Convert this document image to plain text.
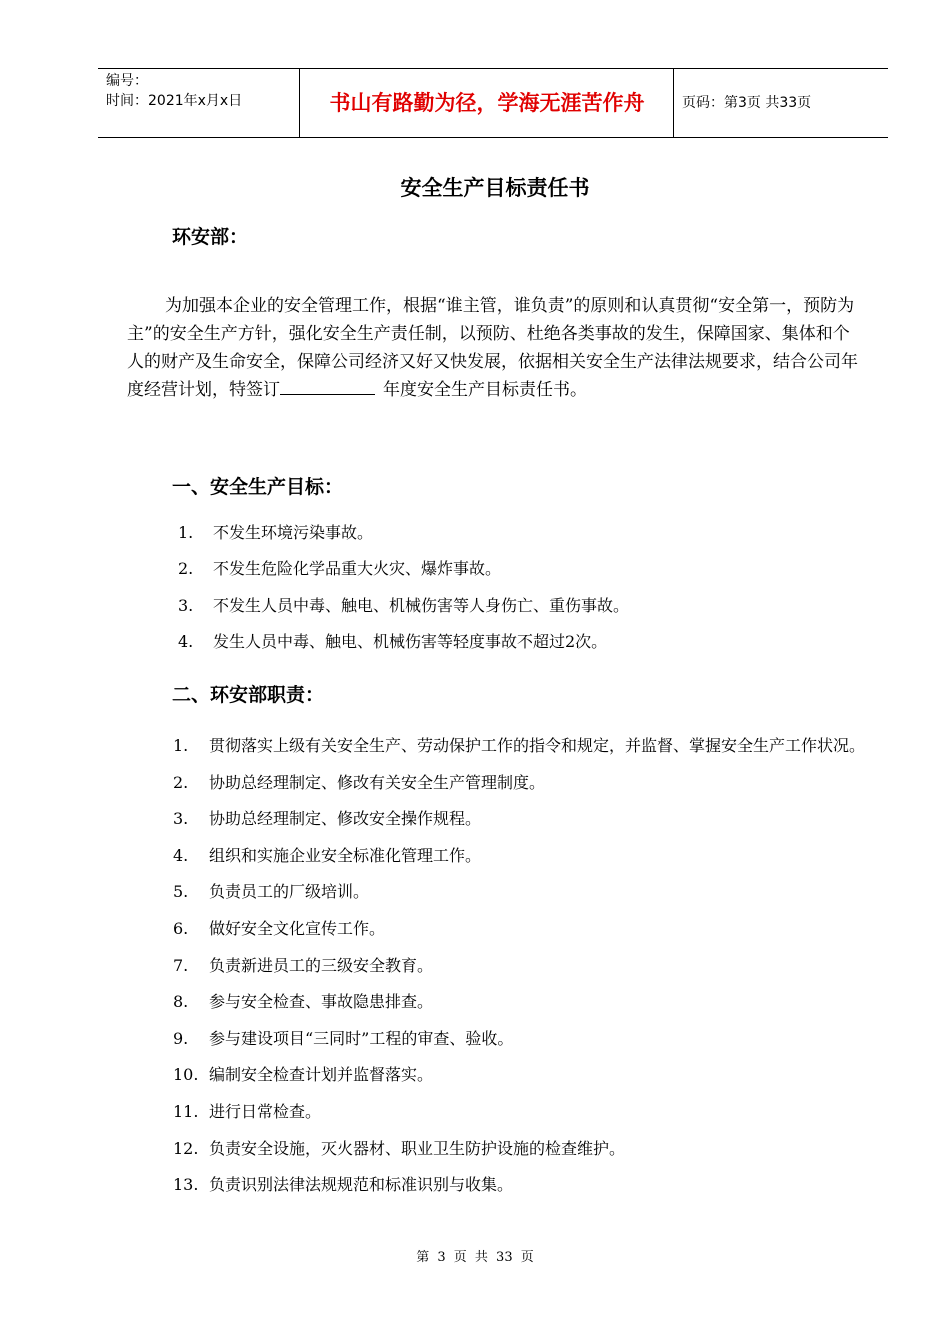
编号：
时间：2021年x月x日	书山有路勤为径，学海无涯苦作舟	页码：第3页 共33页
安全生产目标责任书
环安部：

为加强本企业的安全管理工作，根据“谁主管，谁负责”的原则和认真贯彻“安全第一，预防为主”的安全生产方针，强化安全生产责任制，以预防、杜绝各类事故的发生，保障国家、集体和个人的财产及生命安全，保障公司经济又好又快发展，依据相关安全生产法律法规要求，结合公司年度经营计划，特签订	年度安全生产目标责任书。

一、安全生产目标：
1. 不发生环境污染事故。
2. 不发生危险化学品重大火灾、爆炸事故。
3. 不发生人员中毒、触电、机械伤害等人身伤亡、重伤事故。
4. 发生人员中毒、触电、机械伤害等轻度事故不超过2次。
二、环安部职责：
1. 贯彻落实上级有关安全生产、劳动保护工作的指令和规定，并监督、掌握安全生产工作状况。
2. 协助总经理制定、修改有关安全生产管理制度。
3. 协助总经理制定、修改安全操作规程。
4. 组织和实施企业安全标准化管理工作。
5. 负责员工的厂级培训。
6. 做好安全文化宣传工作。
7. 负责新进员工的三级安全教育。
8. 参与安全检查、事故隐患排查。
9. 参与建设项目“三同时”工程的审查、验收。
10. 编制安全检查计划并监督落实。
11. 进行日常检查。
12. 负责安全设施，灭火器材、职业卫生防护设施的检查维护。
13. 负责识别法律法规规范和标准识别与收集。
第 3 页 共 33 页
